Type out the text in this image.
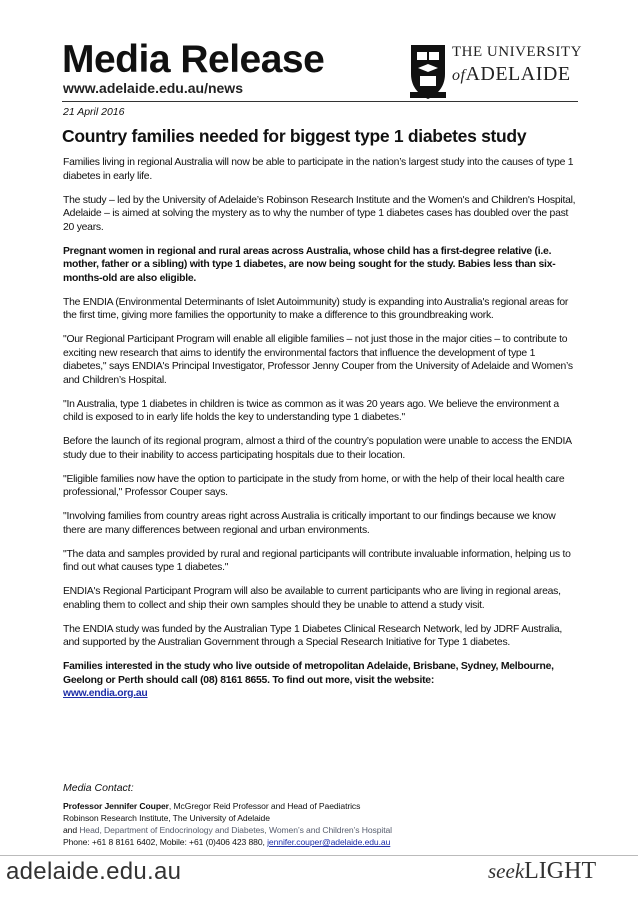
Media Release
www.adelaide.edu.au/news
THE UNIVERSITY
ofADELAIDE
21 April 2016
Country families needed for biggest type 1 diabetes study

Families living in regional Australia will now be able to participate in the nation’s largest study into the causes of type 1 diabetes in early life.

The study – led by the University of Adelaide’s Robinson Research Institute and the Women's and Children's Hospital, Adelaide – is aimed at solving the mystery as to why the number of type 1 diabetes cases has doubled over the past 20 years.

Pregnant women in regional and rural areas across Australia, whose child has a first-degree relative (i.e. mother, father or a sibling) with type 1 diabetes, are now being sought for the study. Babies less than six-months-old are also eligible.

The ENDIA (Environmental Determinants of Islet Autoimmunity) study is expanding into Australia's regional areas for the first time, giving more families the opportunity to make a difference to this groundbreaking work.

"Our Regional Participant Program will enable all eligible families – not just those in the major cities – to contribute to exciting new research that aims to identify the environmental factors that influence the development of type 1 diabetes," says ENDIA's Principal Investigator, Professor Jenny Couper from the University of Adelaide and Women’s and Children’s Hospital.

"In Australia, type 1 diabetes in children is twice as common as it was 20 years ago. We believe the environment a child is exposed to in early life holds the key to understanding type 1 diabetes."

Before the launch of its regional program, almost a third of the country’s population were unable to access the ENDIA study due to their inability to access participating hospitals due to their location.

"Eligible families now have the option to participate in the study from home, or with the help of their local health care professional," Professor Couper says.

"Involving families from country areas right across Australia is critically important to our findings because we know there are many differences between regional and urban environments.

"The data and samples provided by rural and regional participants will contribute invaluable information, helping us to find out what causes type 1 diabetes."

ENDIA's Regional Participant Program will also be available to current participants who are living in regional areas, enabling them to collect and ship their own samples should they be unable to attend a study visit.

The ENDIA study was funded by the Australian Type 1 Diabetes Clinical Research Network, led by JDRF Australia, and supported by the Australian Government through a Special Research Initiative for Type 1 diabetes.

Families interested in the study who live outside of metropolitan Adelaide, Brisbane, Sydney, Melbourne, Geelong or Perth should call (08) 8161 8655. To find out more, visit the website:
www.endia.org.au

Media Contact:
Professor Jennifer Couper, McGregor Reid Professor and Head of Paediatrics
Robinson Research Institute, The University of Adelaide
and Head, Department of Endocrinology and Diabetes, Women’s and Children’s Hospital
Phone: +61 8 8161 6402, Mobile: +61 (0)406 423 880, jennifer.couper@adelaide.edu.au
adelaide.edu.au	seekLIGHT
